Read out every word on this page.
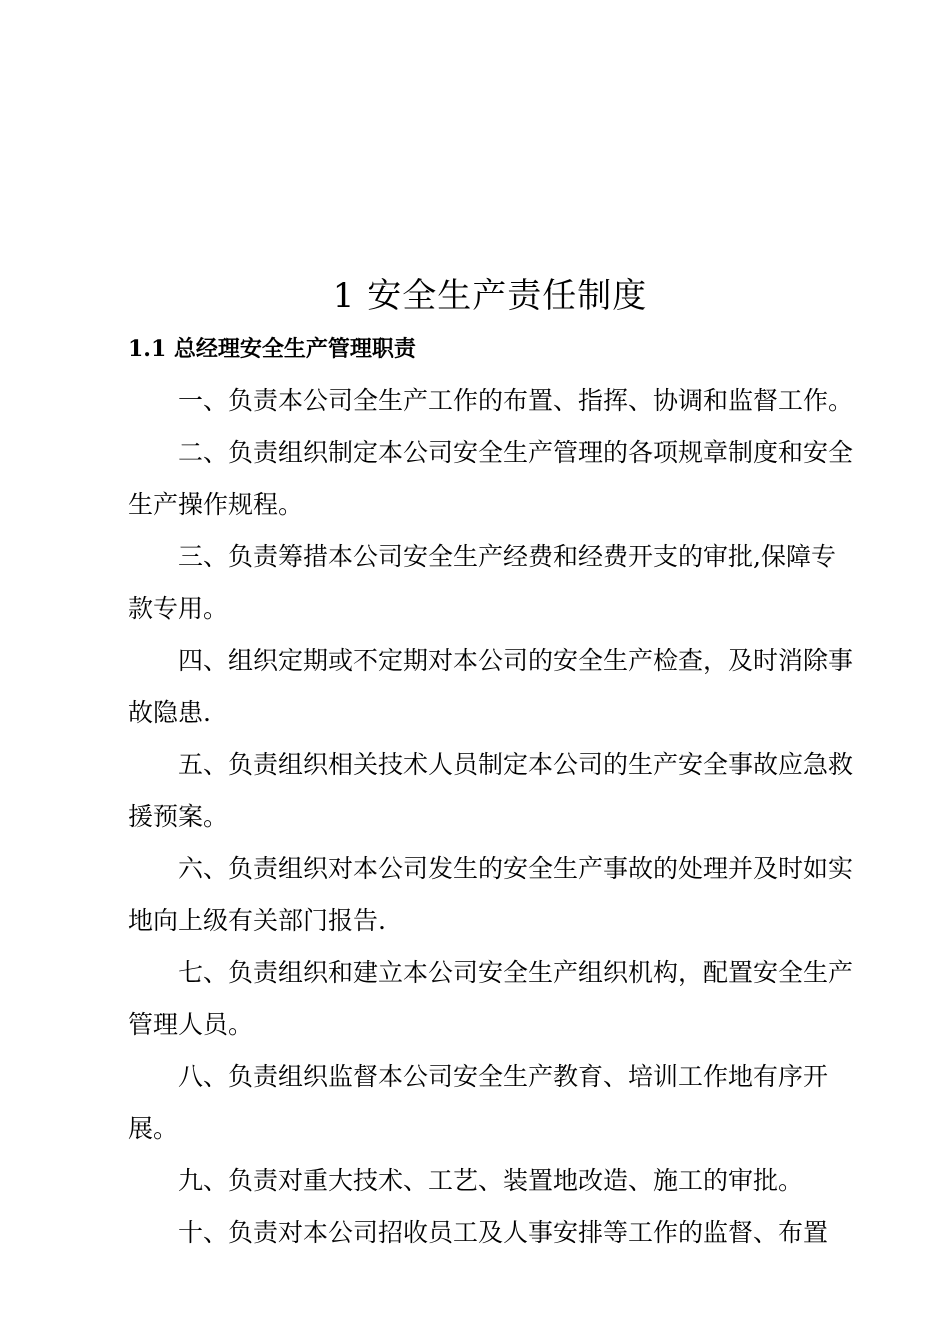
1 安全生产责任制度
1.1 总经理安全生产管理职责

一、负责本公司全生产工作的布置、指挥、协调和监督工作。

二、负责组织制定本公司安全生产管理的各项规章制度和安全生产操作规程。

三、负责筹措本公司安全生产经费和经费开支的审批,保障专款专用。

四、组织定期或不定期对本公司的安全生产检查，及时消除事故隐患.

五、负责组织相关技术人员制定本公司的生产安全事故应急救援预案。

六、负责组织对本公司发生的安全生产事故的处理并及时如实地向上级有关部门报告.

七、负责组织和建立本公司安全生产组织机构，配置安全生产管理人员。

八、负责组织监督本公司安全生产教育、培训工作地有序开展。

九、负责对重大技术、工艺、装置地改造、施工的审批。

十、负责对本公司招收员工及人事安排等工作的监督、布置
